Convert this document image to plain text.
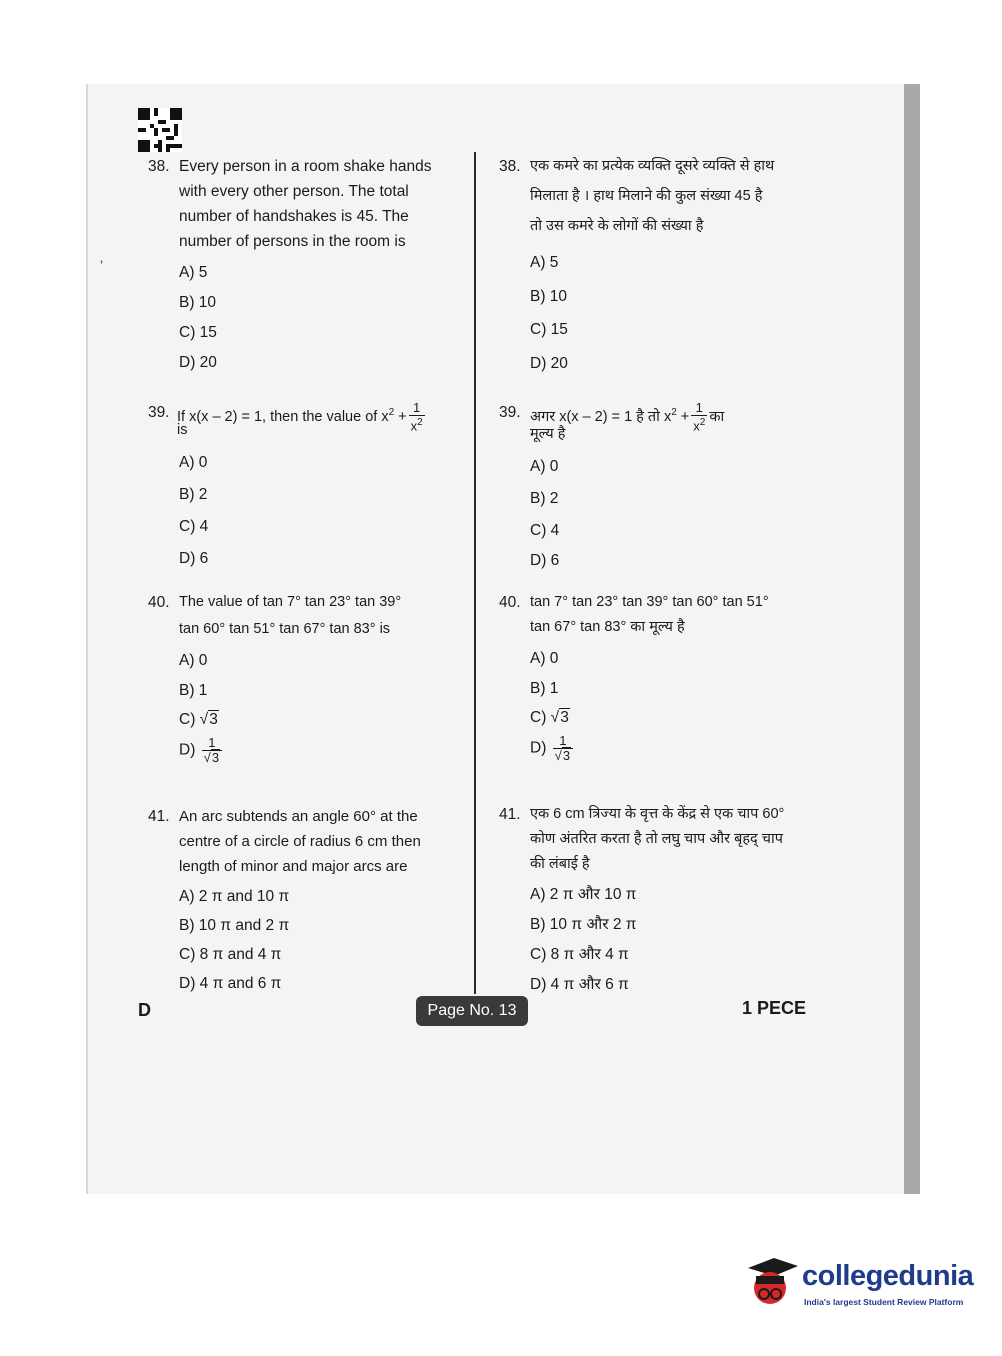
ʼ
38. Every person in a room shake hands
with every other person. The total
number of handshakes is 45. The
number of persons in the room is
A) 5
B) 10
C) 15
D) 20
39. If x(x – 2) = 1, then the value of $x^2 + \frac{1}{x^2}$
is
A) 0
B) 2
C) 4
D) 6
40. The value of tan 7° tan 23° tan 39°
tan 60° tan 51° tan 67° tan 83° is
A) 0
B) 1
C) √3
$D) \frac{1}{√3}$
41. An arc subtends an angle 60° at the
centre of a circle of radius 6 cm then
length of minor and major arcs are
A) 2 π and 10 π
B) 10 π and 2 π
C) 8 π and 4 π
D) 4 π and 6 π
38. एक कमरे का प्रत्येक व्यक्ति दूसरे व्यक्ति से हाथ
मिलाता है । हाथ मिलाने की कुल संख्या 45 है
तो उस कमरे के लोगों की संख्या है
A) 5
B) 10
C) 15
D) 20
39. अगर x(x – 2) = 1 है तो $x^2 + \frac{1}{x^2}$ का
मूल्य है
A) 0
B) 2
C) 4
D) 6
40. tan 7° tan 23° tan 39° tan 60° tan 51°
tan 67° tan 83° का मूल्य है
A) 0
B) 1
C) √3
$D) \frac{1}{√3}$
41. एक 6 cm त्रिज्या के वृत्त के केंद्र से एक चाप 60°
कोण अंतरित करता है तो लघु चाप और बृहद् चाप
की लंबाई है
A) 2 π और 10 π
B) 10 π और 2 π
C) 8 π और 4 π
D) 4 π और 6 π
D	Page No. 13	1 PECE
collegedunia
India's largest Student Review Platform
